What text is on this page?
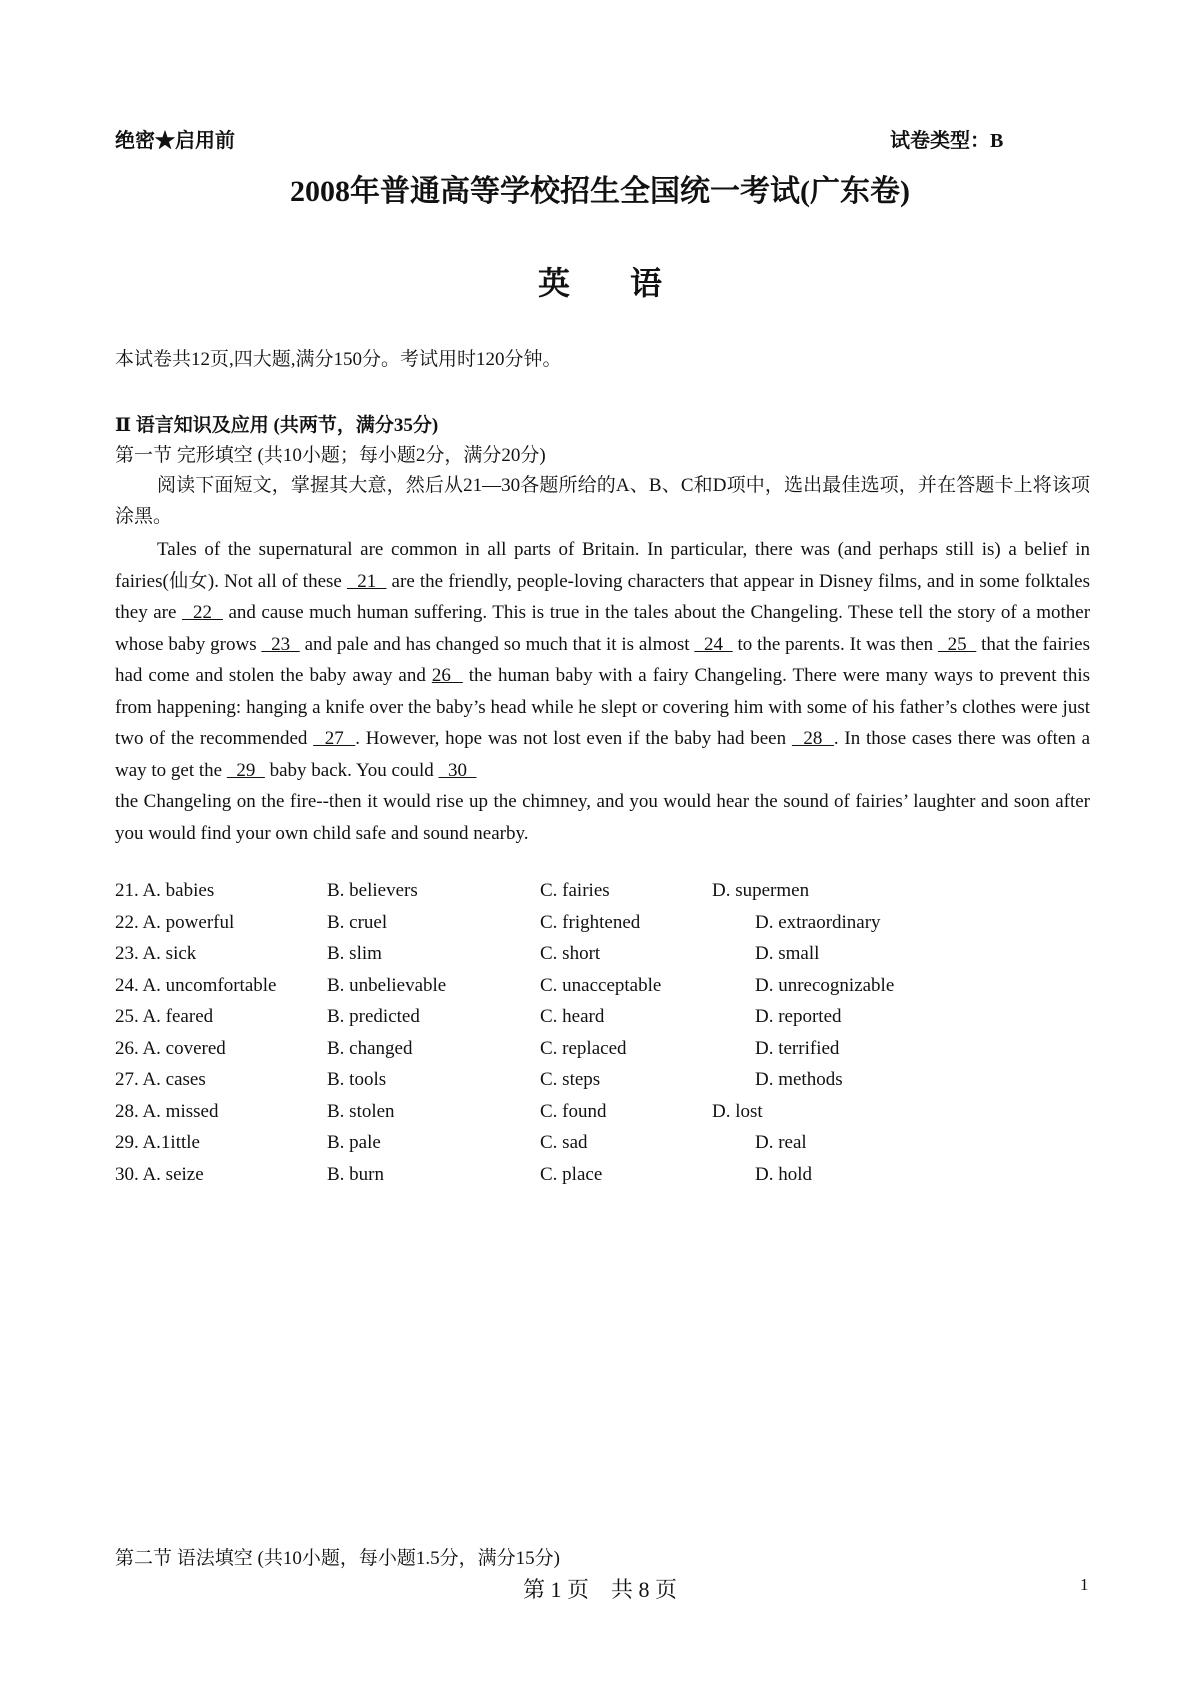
绝密★启用前	试卷类型：B
2008年普通高等学校招生全国统一考试(广东卷)
英 语
本试卷共12页,四大题,满分150分。考试用时120分钟。
Ⅱ 语言知识及应用 (共两节，满分35分)
第一节 完形填空 (共10小题；每小题2分，满分20分)
阅读下面短文，掌握其大意，然后从21—30各题所给的A、B、C和D项中，选出最佳选项，并在答题卡上将该项涂黑。
Tales of the supernatural are common in all parts of Britain. In particular, there was (and perhaps still is) a belief in fairies(仙女). Not all of these   21   are the friendly, people-loving characters that appear in Disney films, and in some folktales they are   22   and cause much human suffering. This is true in the tales about the Changeling. These tell the story of a mother whose baby grows   23   and pale and has changed so much that it is almost   24   to the parents. It was then   25   that the fairies had come and stolen the baby away and 26   the human baby with a fairy Changeling. There were many ways to prevent this from happening: hanging a knife over the baby’s head while he slept or covering him with some of his father’s clothes were just two of the recommended   27  . However, hope was not lost even if the baby had been   28  . In those cases there was often a way to get the   29   baby back. You could   30
the Changeling on the fire--then it would rise up the chimney, and you would hear the sound of fairies’ laughter and soon after you would find your own child safe and sound nearby.
21. A. babies	B. believers	C. fairies	D. supermen
22. A. powerful	B. cruel	C. frightened	D. extraordinary
23. A. sick	B. slim	C. short	D. small
24. A. uncomfortable	B. unbelievable	C. unacceptable	D. unrecognizable
25. A. feared	B. predicted	C. heard	D. reported
26. A. covered	B. changed	C. replaced	D. terrified
27. A. cases	B. tools	C. steps	D. methods
28. A. missed	B. stolen	C. found	D. lost
29. A.1ittle	B. pale	C. sad	D. real
30. A. seize	B. burn	C. place	D. hold
第二节 语法填空 (共10小题，每小题1.5分，满分15分)
第 1 页　共 8 页	1
